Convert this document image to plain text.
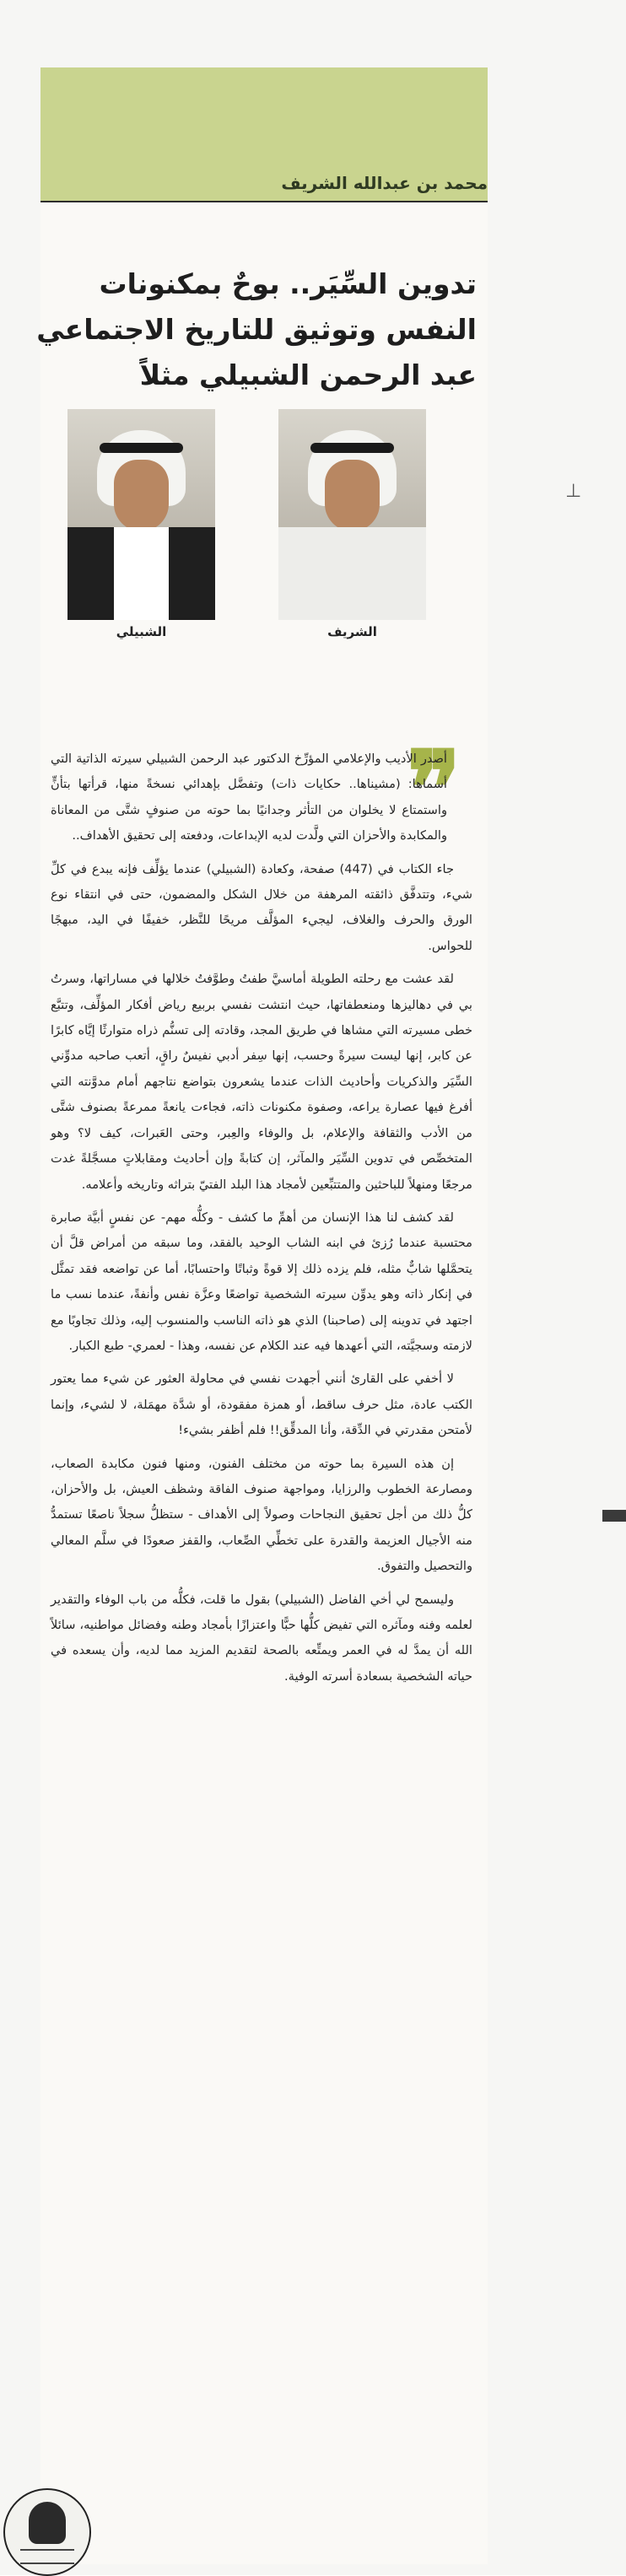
محمد بن عبدالله الشريف
تدوين السِّيَر.. بوحٌ بمكنونات
النفس وتوثيق للتاريخ الاجتماعي
عبد الرحمن الشبيلي مثلاً
الشبيلي	الشريف
❞

أصدر الأديب والإعلامي المؤرِّخ الدكتور عبد الرحمن الشبيلي سيرته الذاتية التي أسماها: (مشيناها.. حكايات ذات) وتفضَّل بإهدائي نسخةً منها، قرأتها بتأنٍّ واستمتاع لا يخلوان من التأثر وجدانيًا بما حوته من صنوفٍ شتَّى من المعاناة والمكابدة والأحزان التي ولَّدت لديه الإبداعات، ودفعته إلى تحقيق الأهداف..

جاء الكتاب في (447) صفحة، وكعادة (الشبيلي) عندما يؤلِّف فإنه يبدع في كلِّ شيء، وتتدفَّق ذائقته المرهفة من خلال الشكل والمضمون، حتى في انتقاء نوع الورق والحرف والغلاف، ليجيء المؤلَّف مريحًا للنَّظر، خفيفًا في اليد، مبهجًا للحواس.

لقد عشت مع رحلته الطويلة أماسيَّ طفتُ وطوَّفتُ خلالها في مساراتها، وسرتُ بي في دهاليزها ومنعطفاتها، حيث انتشت نفسي بربيع رياض أفكار المؤلِّف، وتتبَّع خطى مسيرته التي مشاها في طريق المجد، وقادته إلى تسنُّم ذراه متوارثًا إيَّاه كابرًا عن كابر، إنها ليست سيرةً وحسب، إنها سِفر أدبي نفيسٌ راقٍ، أتعب صاحبه مدوِّني السِّيَر والذكريات وأحاديث الذات عندما يشعرون بتواضع نتاجهم أمام مدوَّنته التي أفرغ فيها عصارة يراعه، وصفوة مكنونات ذاته، فجاءت يانعةً ممرعةً بصنوف شتَّى من الأدب والثقافة والإعلام، بل والوفاء والعِبر، وحتى العَبرات، كيف لا؟ وهو المتخصِّص في تدوين السِّيَر والمآثر، إن كتابةً وإن أحاديث ومقابلاتٍ مسجَّلةً غدت مرجعًا ومنهلاً للباحثين والمتتبِّعين لأمجاد هذا البلد الفتيّ بتراثه وتاريخه وأعلامه.

لقد كشف لنا هذا الإنسان من أهمِّ ما كشف - وكلُّه مهم- عن نفسٍ أبيَّة صابرة محتسبة عندما رُزئ في ابنه الشاب الوحيد بالفقد، وما سبقه من أمراض قلَّ أن يتحمَّلها شابٌّ مثله، فلم يزده ذلك إلا قوةً وثباتًا واحتسابًا، أما عن تواضعه فقد تمثَّل في إنكار ذاته وهو يدوِّن سيرته الشخصية تواضعًا وعزَّة نفس وأنفةً، عندما نسب ما اجتهد في تدوينه إلى (صاحبنا) الذي هو ذاته الناسب والمنسوب إليه، وذلك تجاوبًا مع لازمته وسجيَّته، التي أعهدها فيه عند الكلام عن نفسه، وهذا - لعمري- طبع الكبار.

لا أخفي على القارئ أنني أجهدت نفسي في محاولة العثور عن شيء مما يعتور الكتب عادة، مثل حرف ساقط، أو همزة مفقودة، أو شدَّة مهمَلة، لا لشيء، وإنما لأمتحن مقدرتي في الدِّقة، وأنا المدقِّق!! فلم أظفر بشيء!

إن هذه السيرة بما حوته من مختلف الفنون، ومنها فنون مكابدة الصعاب، ومصارعة الخطوب والرزايا، ومواجهة صنوف الفاقة وشظف العيش، بل والأحزان، كلُّ ذلك من أجل تحقيق النجاحات وصولاً إلى الأهداف - ستظلُّ سجلاً ناصعًا تستمدُّ منه الأجيال العزيمة والقدرة على تخطِّي الصِّعاب، والقفز صعودًا في سلَّم المعالي والتحصيل والتفوق.

وليسمح لي أخي الفاضل (الشبيلي) بقول ما قلت، فكلُّه من باب الوفاء والتقدير لعلمه وفنه ومآثره التي تفيض كلُّها حبًّا واعتزازًا بأمجاد وطنه وفضائل مواطنيه، سائلاً الله أن يمدَّ له في العمر ويمتِّعه بالصحة لتقديم المزيد مما لديه، وأن يسعده في حياته الشخصية بسعادة أسرته الوفية.

⊥
